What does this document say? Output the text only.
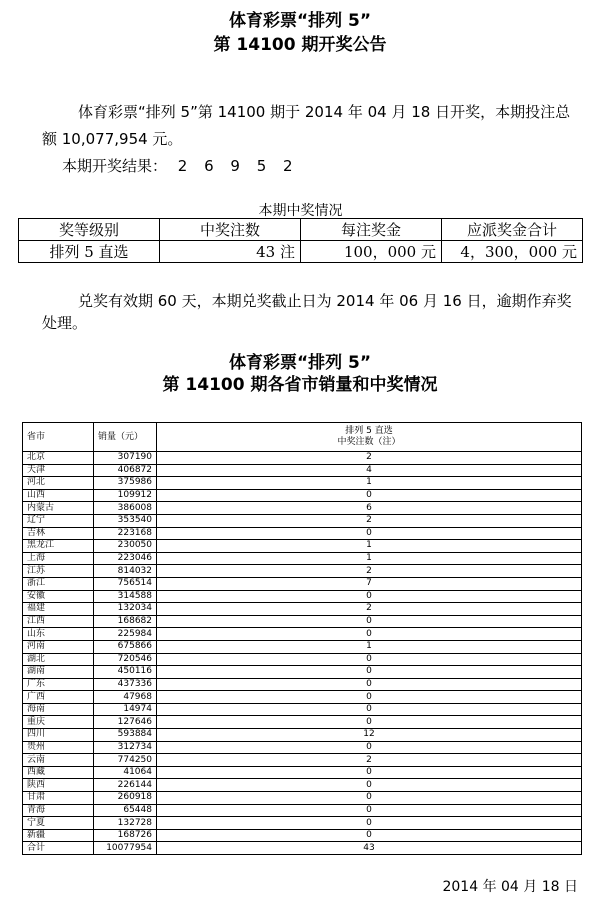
体育彩票“排列 5”
第 14100 期开奖公告
体育彩票“排列 5”第 14100 期于 2014 年 04 月 18 日开奖，本期投注总额 10,077,954 元。
本期开奖结果： 2 6 9 5 2
本期中奖情况
奖等级别	中奖注数	每注奖金	应派奖金合计
排列 5 直选	43 注	100，000 元	4，300，000 元
兑奖有效期 60 天，本期兑奖截止日为 2014 年 06 月 16 日，逾期作弃奖处理。
体育彩票“排列 5”
第 14100 期各省市销量和中奖情况
省市	销量（元）	排列 5 直选
中奖注数（注）

北京	307190	2
天津	406872	4
河北	375986	1
山西	109912	0
内蒙古	386008	6
辽宁	353540	2
吉林	223168	0
黑龙江	230050	1
上海	223046	1
江苏	814032	2
浙江	756514	7
安徽	314588	0
福建	132034	2
江西	168682	0
山东	225984	0
河南	675866	1
湖北	720546	0
湖南	450116	0
广东	437336	0
广西	47968	0
海南	14974	0
重庆	127646	0
四川	593884	12
贵州	312734	0
云南	774250	2
西藏	41064	0
陕西	226144	0
甘肃	260918	0
青海	65448	0
宁夏	132728	0
新疆	168726	0
合计	10077954	43
2014 年 04 月 18 日
